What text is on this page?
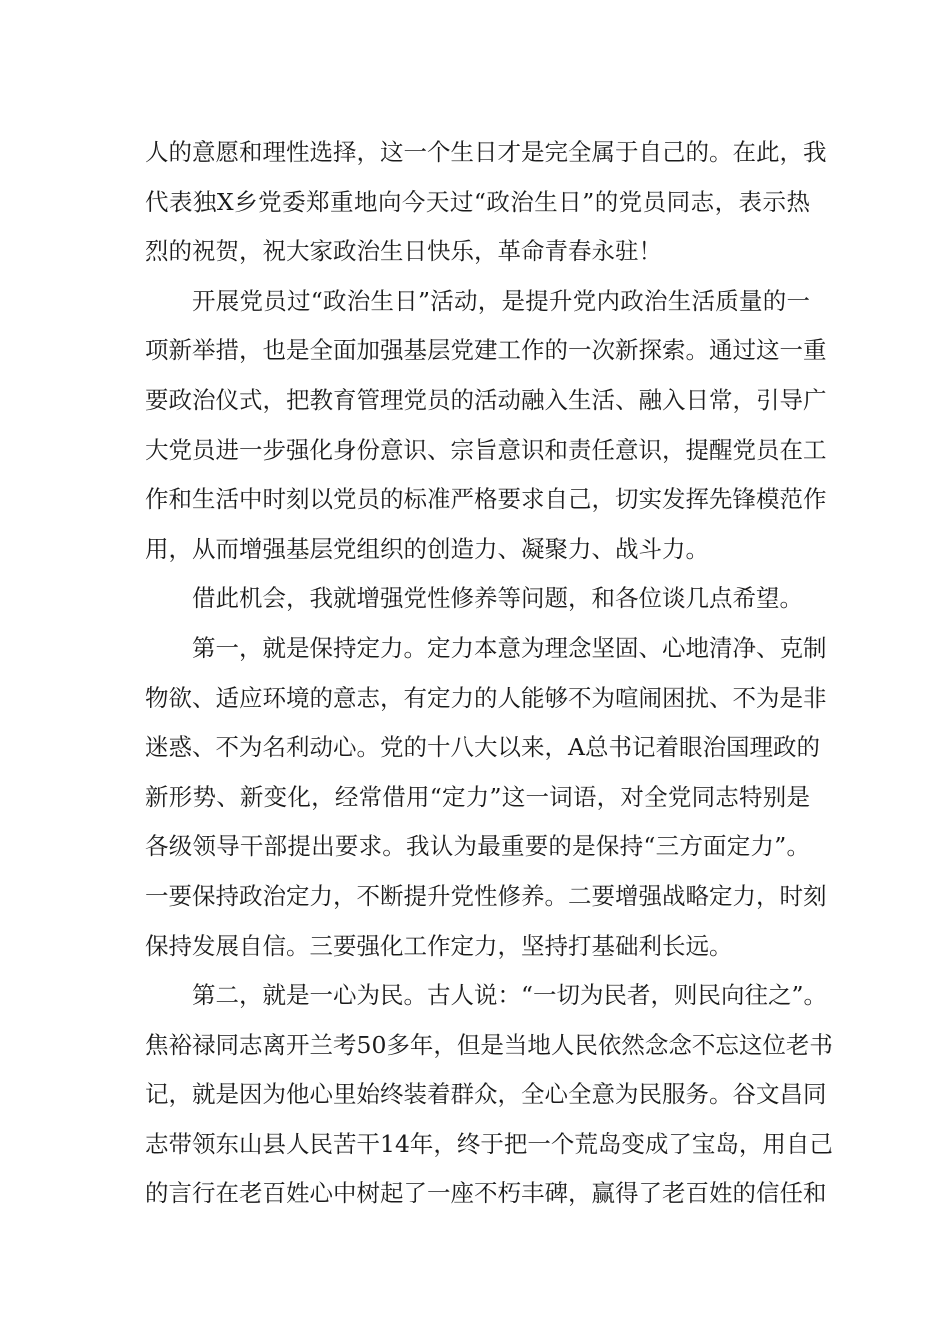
人的意愿和理性选择，这一个生日才是完全属于自己的。在此，我
代表独X乡党委郑重地向今天过“政治生日”的党员同志，表示热
烈的祝贺，祝大家政治生日快乐，革命青春永驻！
开展党员过“政治生日”活动，是提升党内政治生活质量的一
项新举措，也是全面加强基层党建工作的一次新探索。通过这一重
要政治仪式，把教育管理党员的活动融入生活、融入日常，引导广
大党员进一步强化身份意识、宗旨意识和责任意识，提醒党员在工
作和生活中时刻以党员的标准严格要求自己，切实发挥先锋模范作
用，从而增强基层党组织的创造力、凝聚力、战斗力。
借此机会，我就增强党性修养等问题，和各位谈几点希望。
第一，就是保持定力。定力本意为理念坚固、心地清净、克制
物欲、适应环境的意志，有定力的人能够不为喧闹困扰、不为是非
迷惑、不为名利动心。党的十八大以来，A总书记着眼治国理政的
新形势、新变化，经常借用“定力”这一词语，对全党同志特别是
各级领导干部提出要求。我认为最重要的是保持“三方面定力”。
一要保持政治定力，不断提升党性修养。二要增强战略定力，时刻
保持发展自信。三要强化工作定力，坚持打基础利长远。
第二，就是一心为民。古人说：“一切为民者，则民向往之”。
焦裕禄同志离开兰考50多年，但是当地人民依然念念不忘这位老书
记，就是因为他心里始终装着群众，全心全意为民服务。谷文昌同
志带领东山县人民苦干14年，终于把一个荒岛变成了宝岛，用自己
的言行在老百姓心中树起了一座不朽丰碑，赢得了老百姓的信任和
